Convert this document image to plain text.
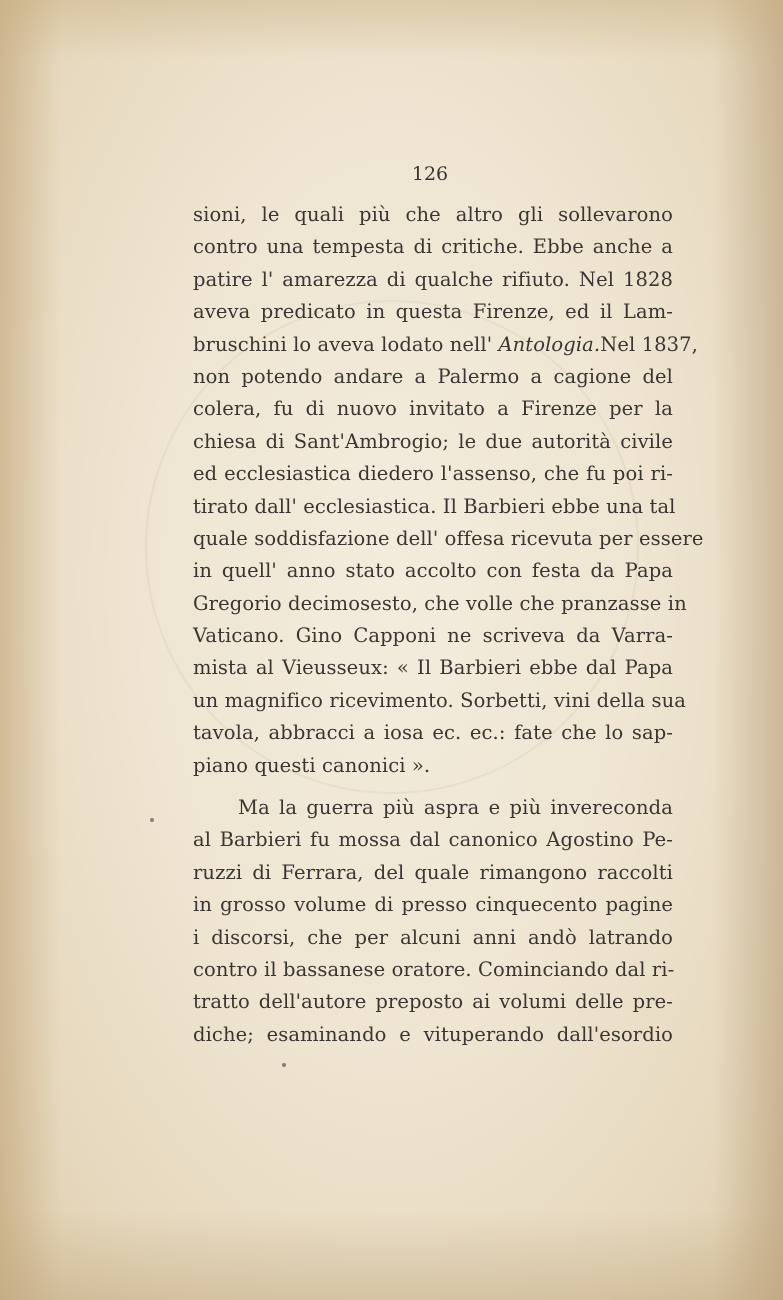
126
sioni, le quali più che altro gli sollevarono
contro una tempesta di critiche. Ebbe anche a
patire l' amarezza di qualche rifiuto. Nel 1828
aveva predicato in questa Firenze, ed il Lam-
bruschini lo aveva lodato nell' Antologia.Nel 1837,
non potendo andare a Palermo a cagione del
colera, fu di nuovo invitato a Firenze per la
chiesa di Sant'Ambrogio; le due autorità civile
ed ecclesiastica diedero l'assenso, che fu poi ri-
tirato dall' ecclesiastica. Il Barbieri ebbe una tal
quale soddisfazione dell' offesa ricevuta per essere
in quell' anno stato accolto con festa da Papa
Gregorio decimosesto, che volle che pranzasse in
Vaticano. Gino Capponi ne scriveva da Varra-
mista al Vieusseux: « Il Barbieri ebbe dal Papa
un magnifico ricevimento. Sorbetti, vini della sua
tavola, abbracci a iosa ec. ec.: fate che lo sap-
piano questi canonici ».
Ma la guerra più aspra e più invereconda
al Barbieri fu mossa dal canonico Agostino Pe-
ruzzi di Ferrara, del quale rimangono raccolti
in grosso volume di presso cinquecento pagine
i discorsi, che per alcuni anni andò latrando
contro il bassanese oratore. Cominciando dal ri-
tratto dell'autore preposto ai volumi delle pre-
diche; esaminando e vituperando dall'esordio
